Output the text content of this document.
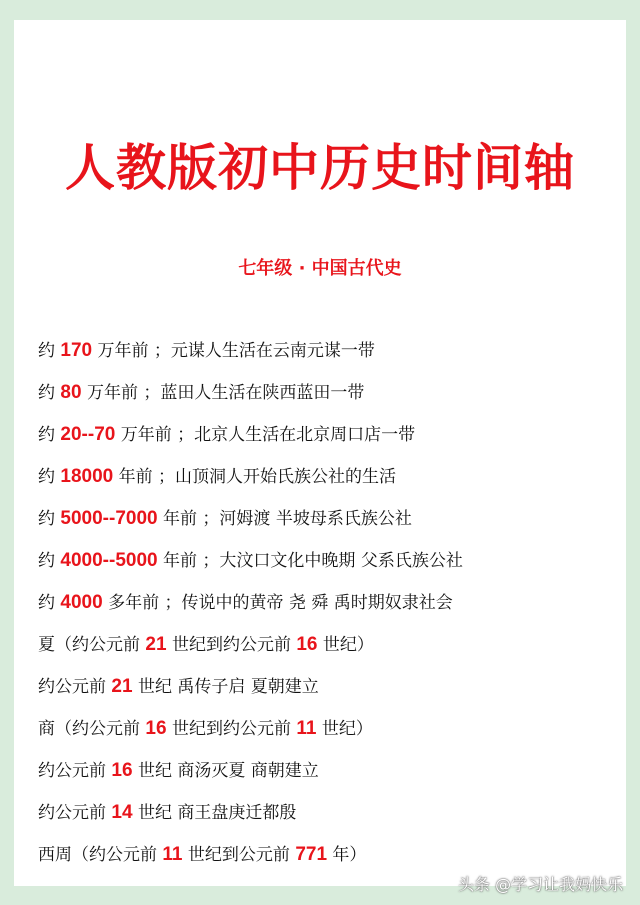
人教版初中历史时间轴
七年级 · 中国古代史
约 170 万年前 ；元谋人生活在云南元谋一带
约 80 万年前 ；蓝田人生活在陕西蓝田一带
约 20--70 万年前 ；北京人生活在北京周口店一带
约 18000 年前 ；山顶洞人开始氏族公社的生活
约 5000--7000 年前 ；河姆渡 半坡母系氏族公社
约 4000--5000 年前 ；大汶口文化中晚期 父系氏族公社
约 4000 多年前 ；传说中的黄帝 尧 舜 禹时期奴隶社会
夏（约公元前 21 世纪到约公元前 16 世纪）
约公元前 21 世纪 禹传子启 夏朝建立
商（约公元前 16 世纪到约公元前 11 世纪）
约公元前 16 世纪 商汤灭夏 商朝建立
约公元前 14 世纪 商王盘庚迁都殷
西周（约公元前 11 世纪到公元前 771 年）
头条 @学习让我妈快乐
